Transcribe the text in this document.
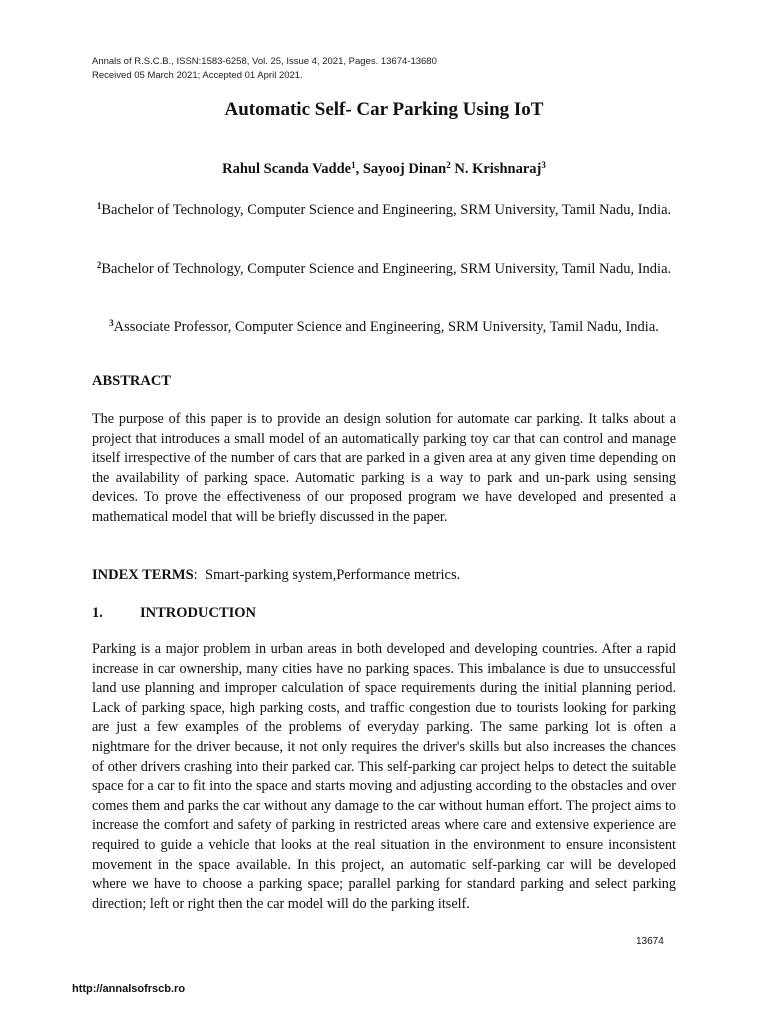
Annals of R.S.C.B., ISSN:1583-6258, Vol. 25, Issue 4, 2021, Pages. 13674-13680
Received 05 March 2021; Accepted 01 April 2021.
Automatic Self- Car Parking Using IoT
Rahul Scanda Vadde$^1$, Sayooj Dinan$^2$ N. Krishnaraj$^3$
$^1$Bachelor of Technology, Computer Science and Engineering, SRM University, Tamil Nadu, India.
$^2$Bachelor of Technology, Computer Science and Engineering, SRM University, Tamil Nadu, India.
$^3$Associate Professor, Computer Science and Engineering, SRM University, Tamil Nadu, India.
ABSTRACT

The purpose of this paper is to provide an design solution for automate car parking. It talks about a project that introduces a small model of an automatically parking toy car that can control and manage itself irrespective of the number of cars that are parked in a given area at any given time depending on the availability of parking space. Automatic parking is a way to park and un-park using sensing devices. To prove the effectiveness of our proposed program we have developed and presented a mathematical model that will be briefly discussed in the paper.

INDEX TERMS: Smart-parking system,Performance metrics.

1.	INTRODUCTION

Parking is a major problem in urban areas in both developed and developing countries. After a rapid increase in car ownership, many cities have no parking spaces. This imbalance is due to unsuccessful land use planning and improper calculation of space requirements during the initial planning period. Lack of parking space, high parking costs, and traffic congestion due to tourists looking for parking are just a few examples of the problems of everyday parking. The same parking lot is often a nightmare for the driver because, it not only requires the driver's skills but also increases the chances of other drivers crashing into their parked car. This self-parking car project helps to detect the suitable space for a car to fit into the space and starts moving and adjusting according to the obstacles and over comes them and parks the car without any damage to the car without human effort. The project aims to increase the comfort and safety of parking in restricted areas where care and extensive experience are required to guide a vehicle that looks at the real situation in the environment to ensure inconsistent movement in the space available. In this project, an automatic self-parking car will be developed where we have to choose a parking space; parallel parking for standard parking and select parking direction; left or right then the car model will do the parking itself.

13674
http://annalsofrscb.ro
